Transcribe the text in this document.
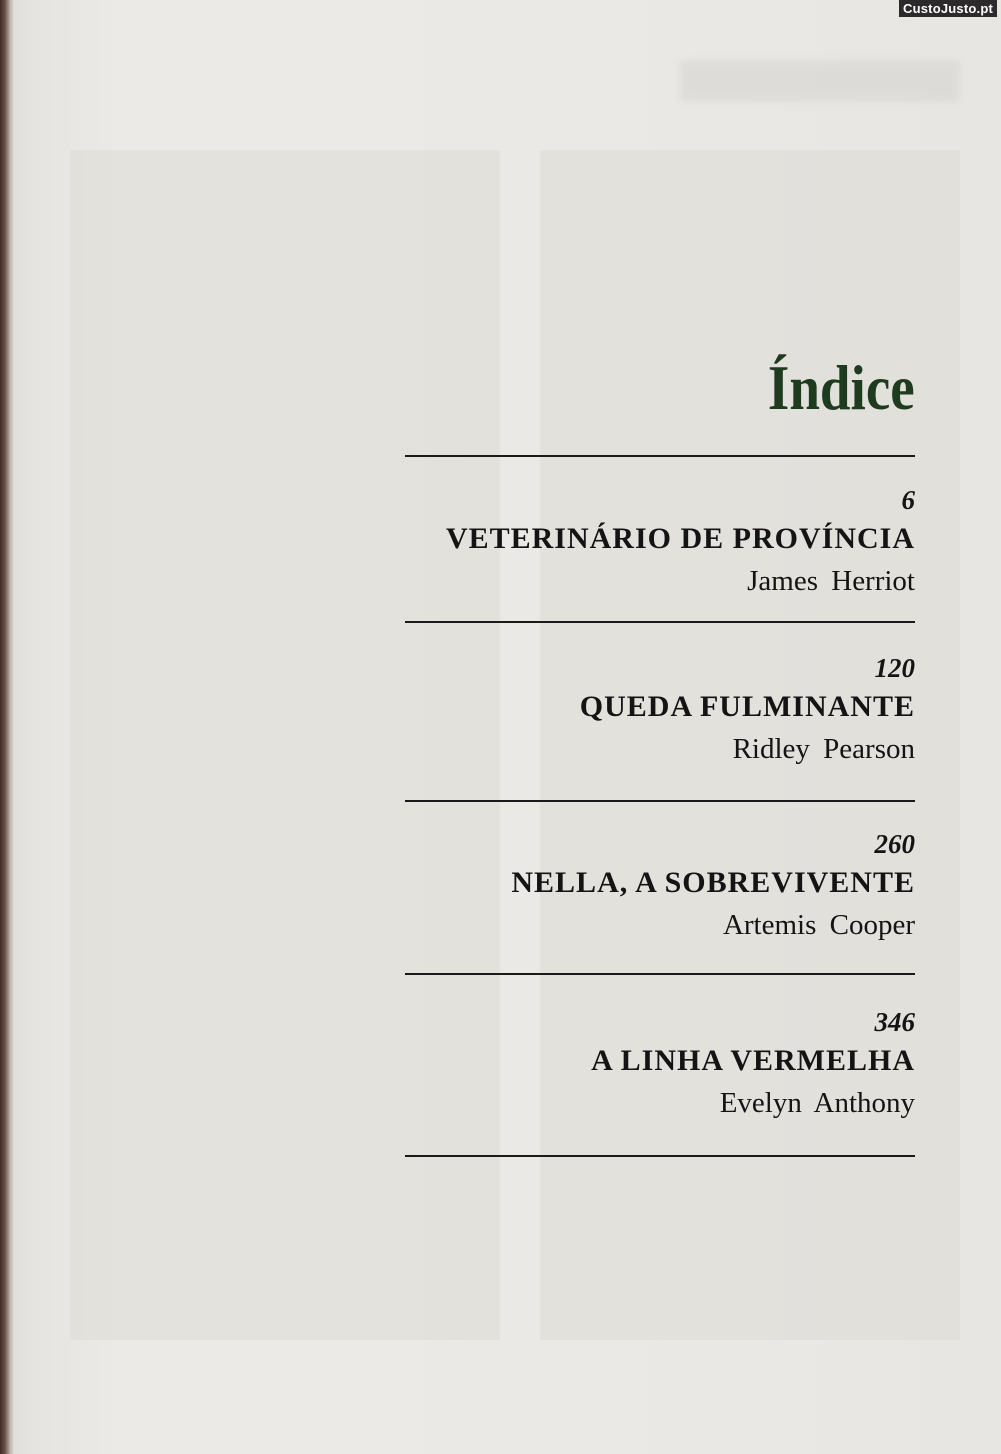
CustoJusto.pt
Índice
6
VETERINÁRIO DE PROVÍNCIA
James Herriot
120
QUEDA FULMINANTE
Ridley Pearson
260
NELLA, A SOBREVIVENTE
Artemis Cooper
346
A LINHA VERMELHA
Evelyn Anthony
